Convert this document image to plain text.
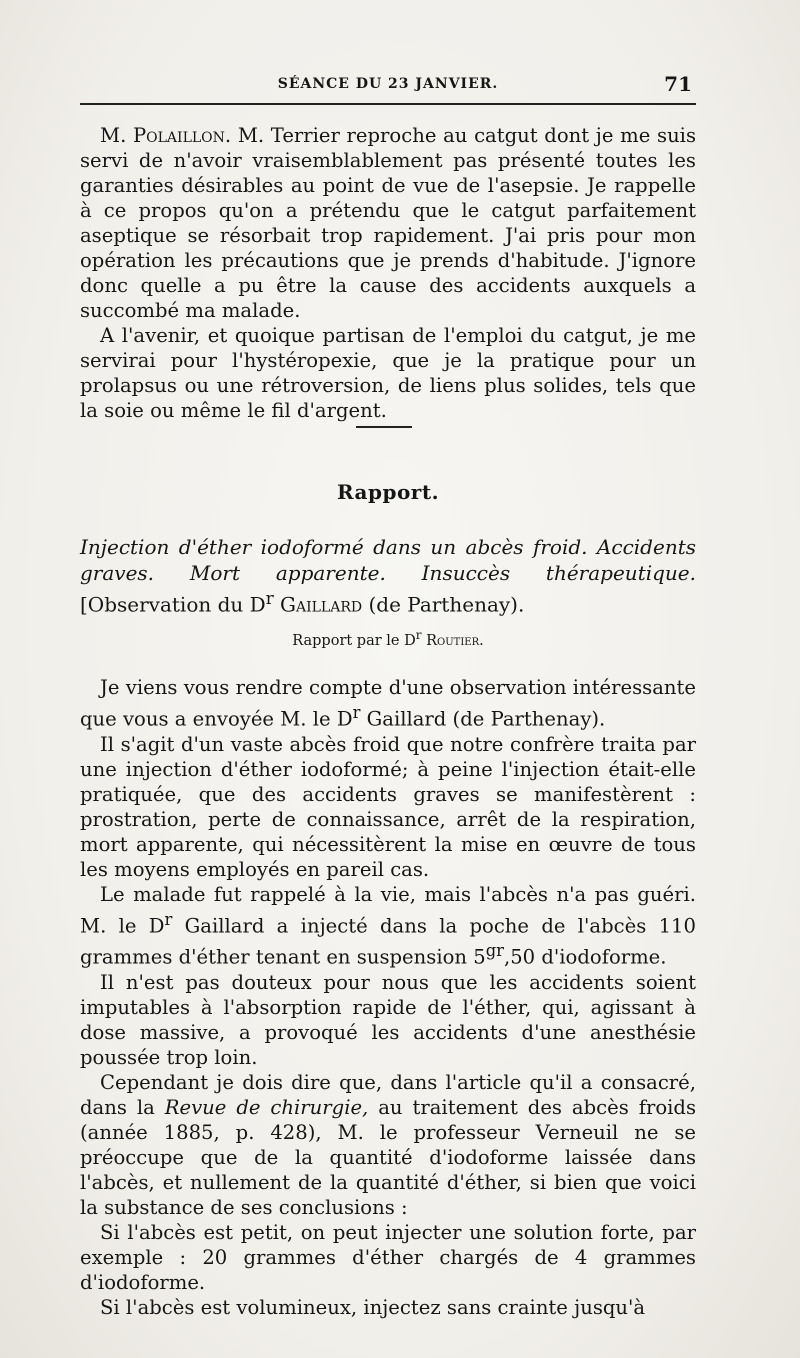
SÉANCE DU 23 JANVIER.	71

M. Polaillon. M. Terrier reproche au catgut dont je me suis servi de n'avoir vraisemblablement pas présenté toutes les garanties désirables au point de vue de l'asepsie. Je rappelle à ce propos qu'on a prétendu que le catgut parfaitement aseptique se résorbait trop rapidement. J'ai pris pour mon opération les précautions que je prends d'habitude. J'ignore donc quelle a pu être la cause des accidents auxquels a succombé ma malade.

A l'avenir, et quoique partisan de l'emploi du catgut, je me servirai pour l'hystéropexie, que je la pratique pour un prolapsus ou une rétroversion, de liens plus solides, tels que la soie ou même le fil d'argent.

Rapport.
Injection d'éther iodoformé dans un abcès froid. Accidents graves. Mort apparente. Insuccès thérapeutique. [Observation du $D^r$ Gaillard (de Parthenay).
Rapport par le $D^r$ Routier.

Je viens vous rendre compte d'une observation intéressante que vous a envoyée M. le $D^r$ Gaillard (de Parthenay).

Il s'agit d'un vaste abcès froid que notre confrère traita par une injection d'éther iodoformé; à peine l'injection était-elle pratiquée, que des accidents graves se manifestèrent : prostration, perte de connaissance, arrêt de la respiration, mort apparente, qui nécessitèrent la mise en œuvre de tous les moyens employés en pareil cas.

Le malade fut rappelé à la vie, mais l'abcès n'a pas guéri. M. le $D^r$ Gaillard a injecté dans la poche de l'abcès 110 grammes d'éther tenant en suspension $5^{gr},50$ d'iodoforme.

Il n'est pas douteux pour nous que les accidents soient imputables à l'absorption rapide de l'éther, qui, agissant à dose massive, a provoqué les accidents d'une anesthésie poussée trop loin.

Cependant je dois dire que, dans l'article qu'il a consacré, dans la Revue de chirurgie, au traitement des abcès froids (année 1885, p. 428), M. le professeur Verneuil ne se préoccupe que de la quantité d'iodoforme laissée dans l'abcès, et nullement de la quantité d'éther, si bien que voici la substance de ses conclusions :

Si l'abcès est petit, on peut injecter une solution forte, par exemple : 20 grammes d'éther chargés de 4 grammes d'iodoforme.

Si l'abcès est volumineux, injectez sans crainte jusqu'à
